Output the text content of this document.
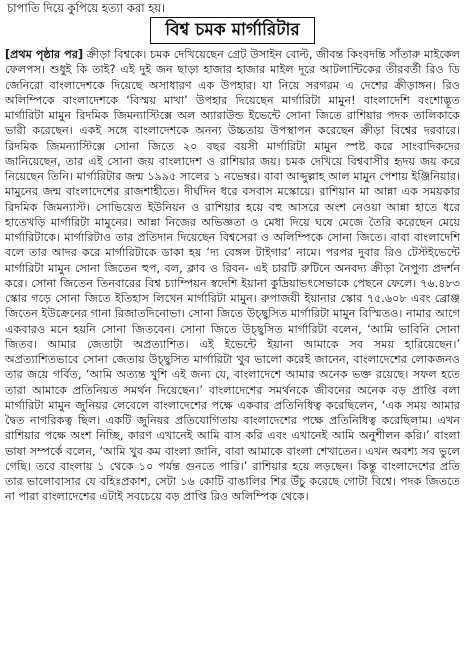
চাপাতি দিয়ে কুপিয়ে হত্যা করা হয়।
বিশ্ব চমক মার্গারিটার

[প্রথম পৃষ্ঠার পর] ক্রীড়া বিশ্বকে। চমক দেখিয়েছেন গ্রেট উসাইন বোল্ট, জীবন্ত কিংবদন্তি সাঁতারু মাইকেল ফেলপস। শুধুই কি তাই? এই দুই জন ছাড়া হাজার হাজার মাইল দূরে আটলান্টিকের তীরবর্তী রিও ডি জেনিরো বাংলাদেশকে দিয়েছে অসাধারণ এক উপহার। যা নিয়ে সরগরম এ দেশের ক্রীড়াঙ্গন। রিও অলিম্পিকে বাংলাদেশকে ‘বিস্ময় মাখা’ উপহার দিয়েছেন মার্গারিটা মামুন! বাংলাদেশি বংশোদ্ভূত মার্গারিটা মামুন রিদমিক জিমন্যাস্টিক্সে অল অ্যারাউন্ড ইভেন্টে সোনা জিতে রাশিয়ার পদক তালিকাকে ভারী করেছেন। একই সঙ্গে বাংলাদেশকে অনন্য উচ্চতায় উপস্থাপন করেছেন ক্রীড়া বিশ্বের দরবারে। রিদমিক জিমন্যাস্টিক্সে সোনা জিতে ২০ বছর বয়সী মার্গারিটা মামুন স্পষ্ট করে সাংবাদিকদের জানিয়েছেন, তার এই সোনা জয় বাংলাদেশ ও রাশিয়ার জয়। চমক দেখিয়ে বিশ্ববাসীর হৃদয় জয় করে নিয়েছেন তিনি। মার্গারিটার জন্ম ১৯৯৫ সালের ১ নভেম্বর। বাবা আব্দুল্লাহ আল মামুন পেশায় ইঞ্জিনিয়ার। মামুনের জন্ম বাংলাদেশের রাজশাহীতে। দীর্ঘদিন ধরে বসবাস মস্কোয়ে। রাশিয়ান মা আন্না এক সময়কার রিদমিক জিমন্যাস্ট। সোভিয়েত ইউনিয়ন ও রাশিয়ার হয়ে বহু আসরে অংশ নেওয়া আন্না হাতে ধরে হাতেখড়ি মার্গারিটা মামুনের। আন্না নিজের অভিজ্ঞতা ও মেধা দিয়ে ঘষে মেজে তৈরি করেছেন মেয়ে মার্গারিটাকে। মার্গারিটাও তার প্রতিদান দিয়েছেন বিশ্বসেরা ও অলিম্পিকে সোনা জিতে। বাবা বাংলাদেশি বলে তার আদর করে মার্গারিটাকে ডাকা হয় ‘দ্য বেঙ্গল টাইগার’ নামে। পরপর দুবার রিও টেস্টইভেন্টে মার্গারিটা মামুন সোনা জিতেন হুপ, বল, ক্লাব ও রিবন- এই চারটি রুটিনে অনবদ্য ক্রীড়া নৈপুণ্য প্রদর্শন করে। সোনা জিতেন তিনবারের বিশ্ব চ্যাম্পিয়ন স্বদেশি ইয়ানা কুদ্রিয়াভৎসেভাকে পেছনে ফেলে। ৭৬.৪৮৩ স্কোর গড়ে সোনা জিতে ইতিহাস লিখেন মার্গারিটা মামুন। রুপাজয়ী ইয়ানার স্কোর ৭৫.৬০৮ এবং ব্রোঞ্জ জিতেন ইউক্রেনের গানা রিজাতদিনোভা। সোনা জিতে উচ্ছ্বসিত মার্গারিটা মামুন বিস্মিতও। নামার আগে একবারও মনে হয়নি সোনা জিতবেন। সোনা জিতে উচ্ছ্বসিত মার্গারিটা বলেন, ‘আমি ভাবিনি সোনা জিতব। আমার জেতাটা অপ্রত্যাশিত। এই ইভেন্টে ইয়ানা আমাকে সব সময় হারিয়েছেন।’ অপ্রত্যাশিতভাবে সোনা জেতায় উচ্ছ্বসিত মার্গারিটা খুব ভালো করেই জানেন, বাংলাদেশের লোকজনও তার জয়ে গর্বিত, ‘আমি অত্যন্ত খুশি এই জন্য যে, বাংলাদেশে আমার অনেক ভক্ত রয়েছে। সফল হতে তারা আমাকে প্রতিনিয়ত সমর্থন দিয়েছেন।’ বাংলাদেশের সমর্থনকে জীবনের অনেক বড় প্রাপ্তি বলা মার্গারিটা মামুন জুনিয়র লেবেলে বাংলাদেশের পক্ষে একবার প্রতিনিধিত্ব করেছিলেন, ‘এক সময় আমার দ্বৈত নাগরিকত্ব ছিল। একটি জুনিয়র প্রতিযোগিতায় বাংলাদেশের পক্ষে প্রতিনিধিত্ব করেছিলাম। এখন রাশিয়ার পক্ষে অংশ নিচ্ছি, কারণ এখানেই আমি বাস করি এবং এখানেই আমি অনুশীলন করি।’ বাংলা ভাষা সম্পর্কে বলেন, ‘আমি খুব কম বাংলা জানি, বাবা আমাকে বাংলা শেখাতেন। এখন অবশ্য সব ভুলে গেছি। তবে বাংলায় ১ থেকে ১০ পর্যন্ত গুনতে পারি।’ রাশিয়ার হয়ে লড়ছেন। কিন্তু বাংলাদেশের প্রতি তার ভালোবাসার যে বহিঃপ্রকাশ, সেটা ১৬ কোটি বাঙালির শির উঁচু করেছে গোটা বিশ্বে। পদক জিততে না পারা বাংলাদেশের এটাই সবচেয়ে বড় প্রাপ্তি রিও অলিম্পিক থেকে।
